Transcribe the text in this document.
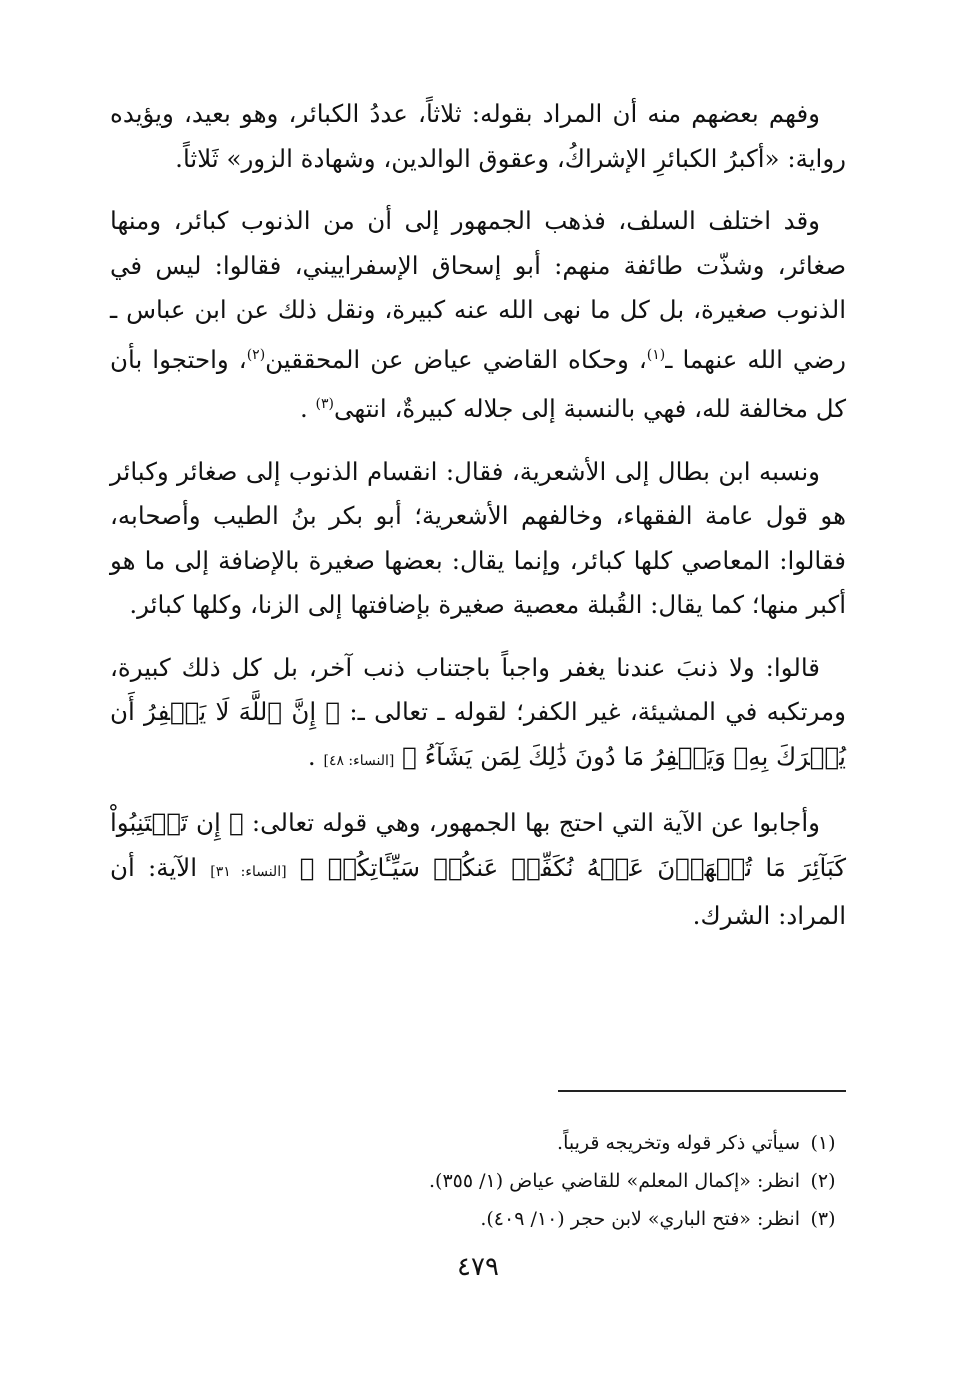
وفهم بعضهم منه أن المراد بقوله: ثلاثاً، عددُ الكبائر، وهو بعيد، ويؤيده رواية: «أكبرُ الكبائرِ الإشراكُ، وعقوق الوالدين، وشهادة الزور» ثَلاثاً.

وقد اختلف السلف، فذهب الجمهور إلى أن من الذنوب كبائر، ومنها صغائر، وشذّت طائفة منهم: أبو إسحاق الإسفراييني، فقالوا: ليس في الذنوب صغيرة، بل كل ما نهى الله عنه كبيرة، ونقل ذلك عن ابن عباس ـ رضي الله عنهما ـ$^{(١)}$، وحكاه القاضي عياض عن المحققين$^{(٢)}$، واحتجوا بأن كل مخالفة لله، فهي بالنسبة إلى جلاله كبيرةٌ، انتهى$^{(٣)}$ .

ونسبه ابن بطال إلى الأشعرية، فقال: انقسام الذنوب إلى صغائر وكبائر هو قول عامة الفقهاء، وخالفهم الأشعرية؛ أبو بكر بنُ الطيب وأصحابه، فقالوا: المعاصي كلها كبائر، وإنما يقال: بعضها صغيرة بالإضافة إلى ما هو أكبر منها؛ كما يقال: القُبلة معصية صغيرة بإضافتها إلى الزنا، وكلها كبائر.

قالوا: ولا ذنبَ عندنا يغفر واجباً باجتناب ذنب آخر، بل كل ذلك كبيرة، ومرتكبه في المشيئة، غير الكفر؛ لقوله ـ تعالى ـ: ﴿ إِنَّ ٱللَّهَ لَا يَغۡفِرُ أَن يُشۡرَكَ بِهِۦ وَيَغۡفِرُ مَا دُونَ ذَٰلِكَ لِمَن يَشَآءُ ﴾ [النساء: ٤٨] .

وأجابوا عن الآية التي احتج بها الجمهور، وهي قوله تعالى: ﴿ إِن تَجۡتَنِبُواْ كَبَآئِرَ مَا تُنۡهَوۡنَ عَنۡهُ نُكَفِّرۡ عَنكُمۡ سَيِّـَٔاتِكُمۡ ﴾ [النساء: ٣١] الآية: أن المراد: الشرك.

(١)
سيأتي ذكر قوله وتخريجه قريباً.
(٢)
انظر: «إكمال المعلم» للقاضي عياض (١/ ٣٥٥).
(٣)
انظر: «فتح الباري» لابن حجر (١٠/ ٤٠٩).
٤٧٩
